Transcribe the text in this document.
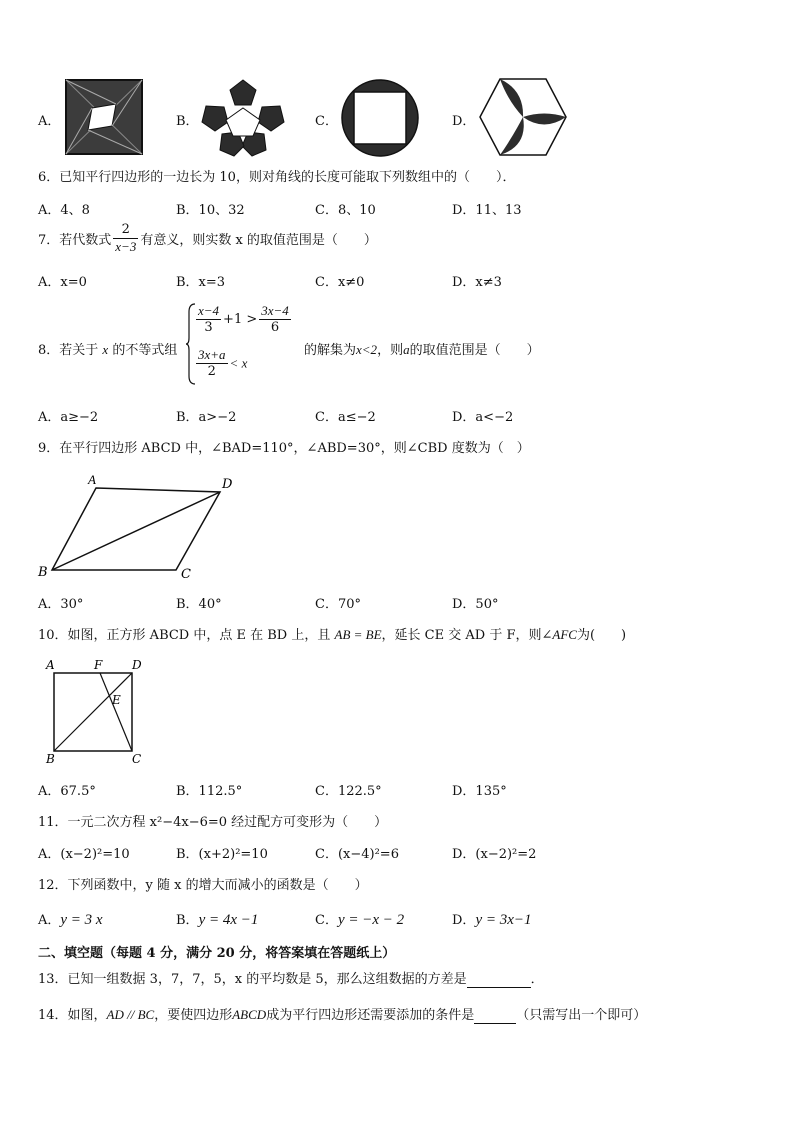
A．	B．	C．	D．
6．已知平行四边形的一边长为 10，则对角线的长度可能取下列数组中的（　　）．
A．4、8	B．10、32	C．8、10	D．11、13
7．若代数式 $\frac{2}{x-3}$ 有意义，则实数 x 的取值范围是（　　）
A．x=0	B．x=3	C．x≠0	D．x≠3
8．若关于 x 的不等式组
$\frac{x-4}{3} +1 > \frac{3x-4}{6}$
$\frac{3x+a}{2} < x$
的解集为x<2，则a的取值范围是（　　）
A．a≥−2	B．a>−2	C．a≤−2	D．a<−2
9．在平行四边形 ABCD 中，∠BAD=110°，∠ABD=30°，则∠CBD 度数为（　）
A	D
B	C
A．30°	B．40°	C．70°	D．50°
10．如图，正方形 ABCD 中，点 E 在 BD 上，且 AB = BE，延长 CE 交 AD 于 F，则∠AFC为(　　)
A	F D
E
B	C
A．67.5°	B．112.5°	C．122.5°	D．135°
11．一元二次方程 x²−4x−6=0 经过配方可变形为（　　）
A．(x−2)²=10	B．(x+2)²=10	C．(x−4)²=6	D．(x−2)²=2
12．下列函数中，y 随 x 的增大而减小的函数是（　　）
A．y = 3 x	B．y = 4x −1	C．y = −x − 2	D．y = 3x−1
二、填空题（每题 4 分，满分 20 分，将答案填在答题纸上）
13．已知一组数据 3，7，7，5，x 的平均数是 5，那么这组数据的方差是	．
14．如图，AD // BC，要使四边形ABCD成为平行四边形还需要添加的条件是	（只需写出一个即可）
